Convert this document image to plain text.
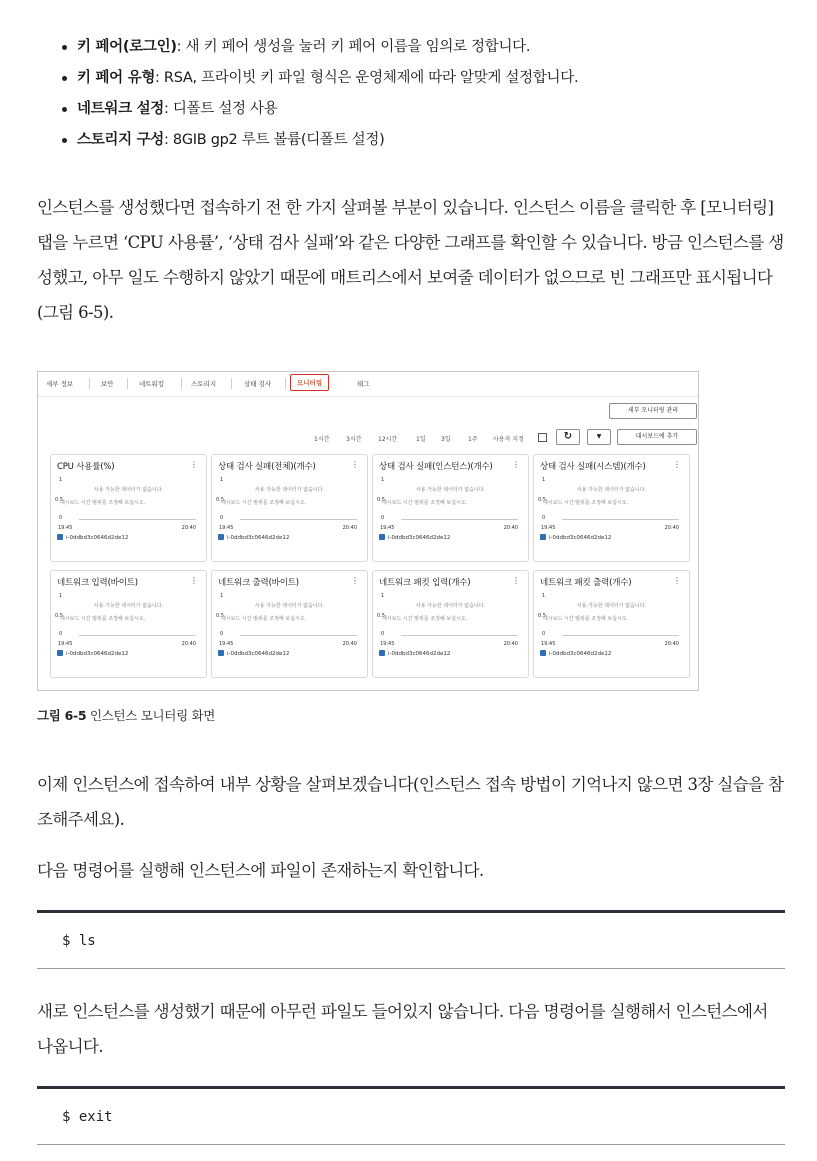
키 페어(로그인): 새 키 페어 생성을 눌러 키 페어 이름을 임의로 정합니다.
키 페어 유형: RSA, 프라이빗 키 파일 형식은 운영체제에 따라 알맞게 설정합니다.
네트워크 설정: 디폴트 설정 사용
스토리지 구성: 8GIB gp2 루트 볼륨(디폴트 설정)

인스턴스를 생성했다면 접속하기 전 한 가지 살펴볼 부분이 있습니다. 인스턴스 이름을 클릭한 후 [모니터링] 탭을 누르면 ‘CPU 사용률’, ‘상태 검사 실패’와 같은 다양한 그래프를 확인할 수 있습니다. 방금 인스턴스를 생성했고, 아무 일도 수행하지 않았기 때문에 매트리스에서 보여줄 데이터가 없으므로 빈 그래프만 표시됩니다(그림 6-5).

세부 정보	보안	네트워킹	스토리지	상태 검사	모니터링	태그
세부 모니터링 관리
1시간	3시간	12시간	1일	3일	1주	사용자 지정	↻	▼	대시보드에 추가
CPU 사용률(%)	⋮
1
사용 가능한 데이터가 없습니다.
0.5
대시보드 시간 범위를 조정해 보십시오.
0
19:45	20:40
i-0ddbd3c0646d2de12
상태 검사 실패(전체)(개수)	⋮
1
사용 가능한 데이터가 없습니다.
0.5
대시보드 시간 범위를 조정해 보십시오.
0
19:45	20:40
i-0ddbd3c0646d2de12
상태 검사 실패(인스턴스)(개수) ⋮
1
사용 가능한 데이터가 없습니다.
0.5
대시보드 시간 범위를 조정해 보십시오.
0
19:45	20:40
i-0ddbd3c0646d2de12
상태 검사 실패(시스템)(개수)	⋮
1
사용 가능한 데이터가 없습니다.
0.5
대시보드 시간 범위를 조정해 보십시오.
0
19:45	20:40
i-0ddbd3c0646d2de12
네트워크 입력(바이트)	⋮
1
사용 가능한 데이터가 없습니다.
0.5
대시보드 시간 범위를 조정해 보십시오.
0
19:45	20:40
i-0ddbd3c0646d2de12
네트워크 출력(바이트)	⋮
1
사용 가능한 데이터가 없습니다.
0.5
대시보드 시간 범위를 조정해 보십시오.
0
19:45	20:40
i-0ddbd3c0646d2de12
네트워크 패킷 입력(개수)	⋮
1
사용 가능한 데이터가 없습니다.
0.5
대시보드 시간 범위를 조정해 보십시오.
0
19:45	20:40
i-0ddbd3c0646d2de12
네트워크 패킷 출력(개수)	⋮
1
사용 가능한 데이터가 없습니다.
0.5
대시보드 시간 범위를 조정해 보십시오.
0
19:45	20:40
i-0ddbd3c0646d2de12
그림 6-5 인스턴스 모니터링 화면

이제 인스턴스에 접속하여 내부 상황을 살펴보겠습니다(인스턴스 접속 방법이 기억나지 않으면 3장 실습을 참조해주세요).

다음 명령어를 실행해 인스턴스에 파일이 존재하는지 확인합니다.

$ ls

새로 인스턴스를 생성했기 때문에 아무런 파일도 들어있지 않습니다. 다음 명령어를 실행해서 인스턴스에서 나옵니다.

$ exit
